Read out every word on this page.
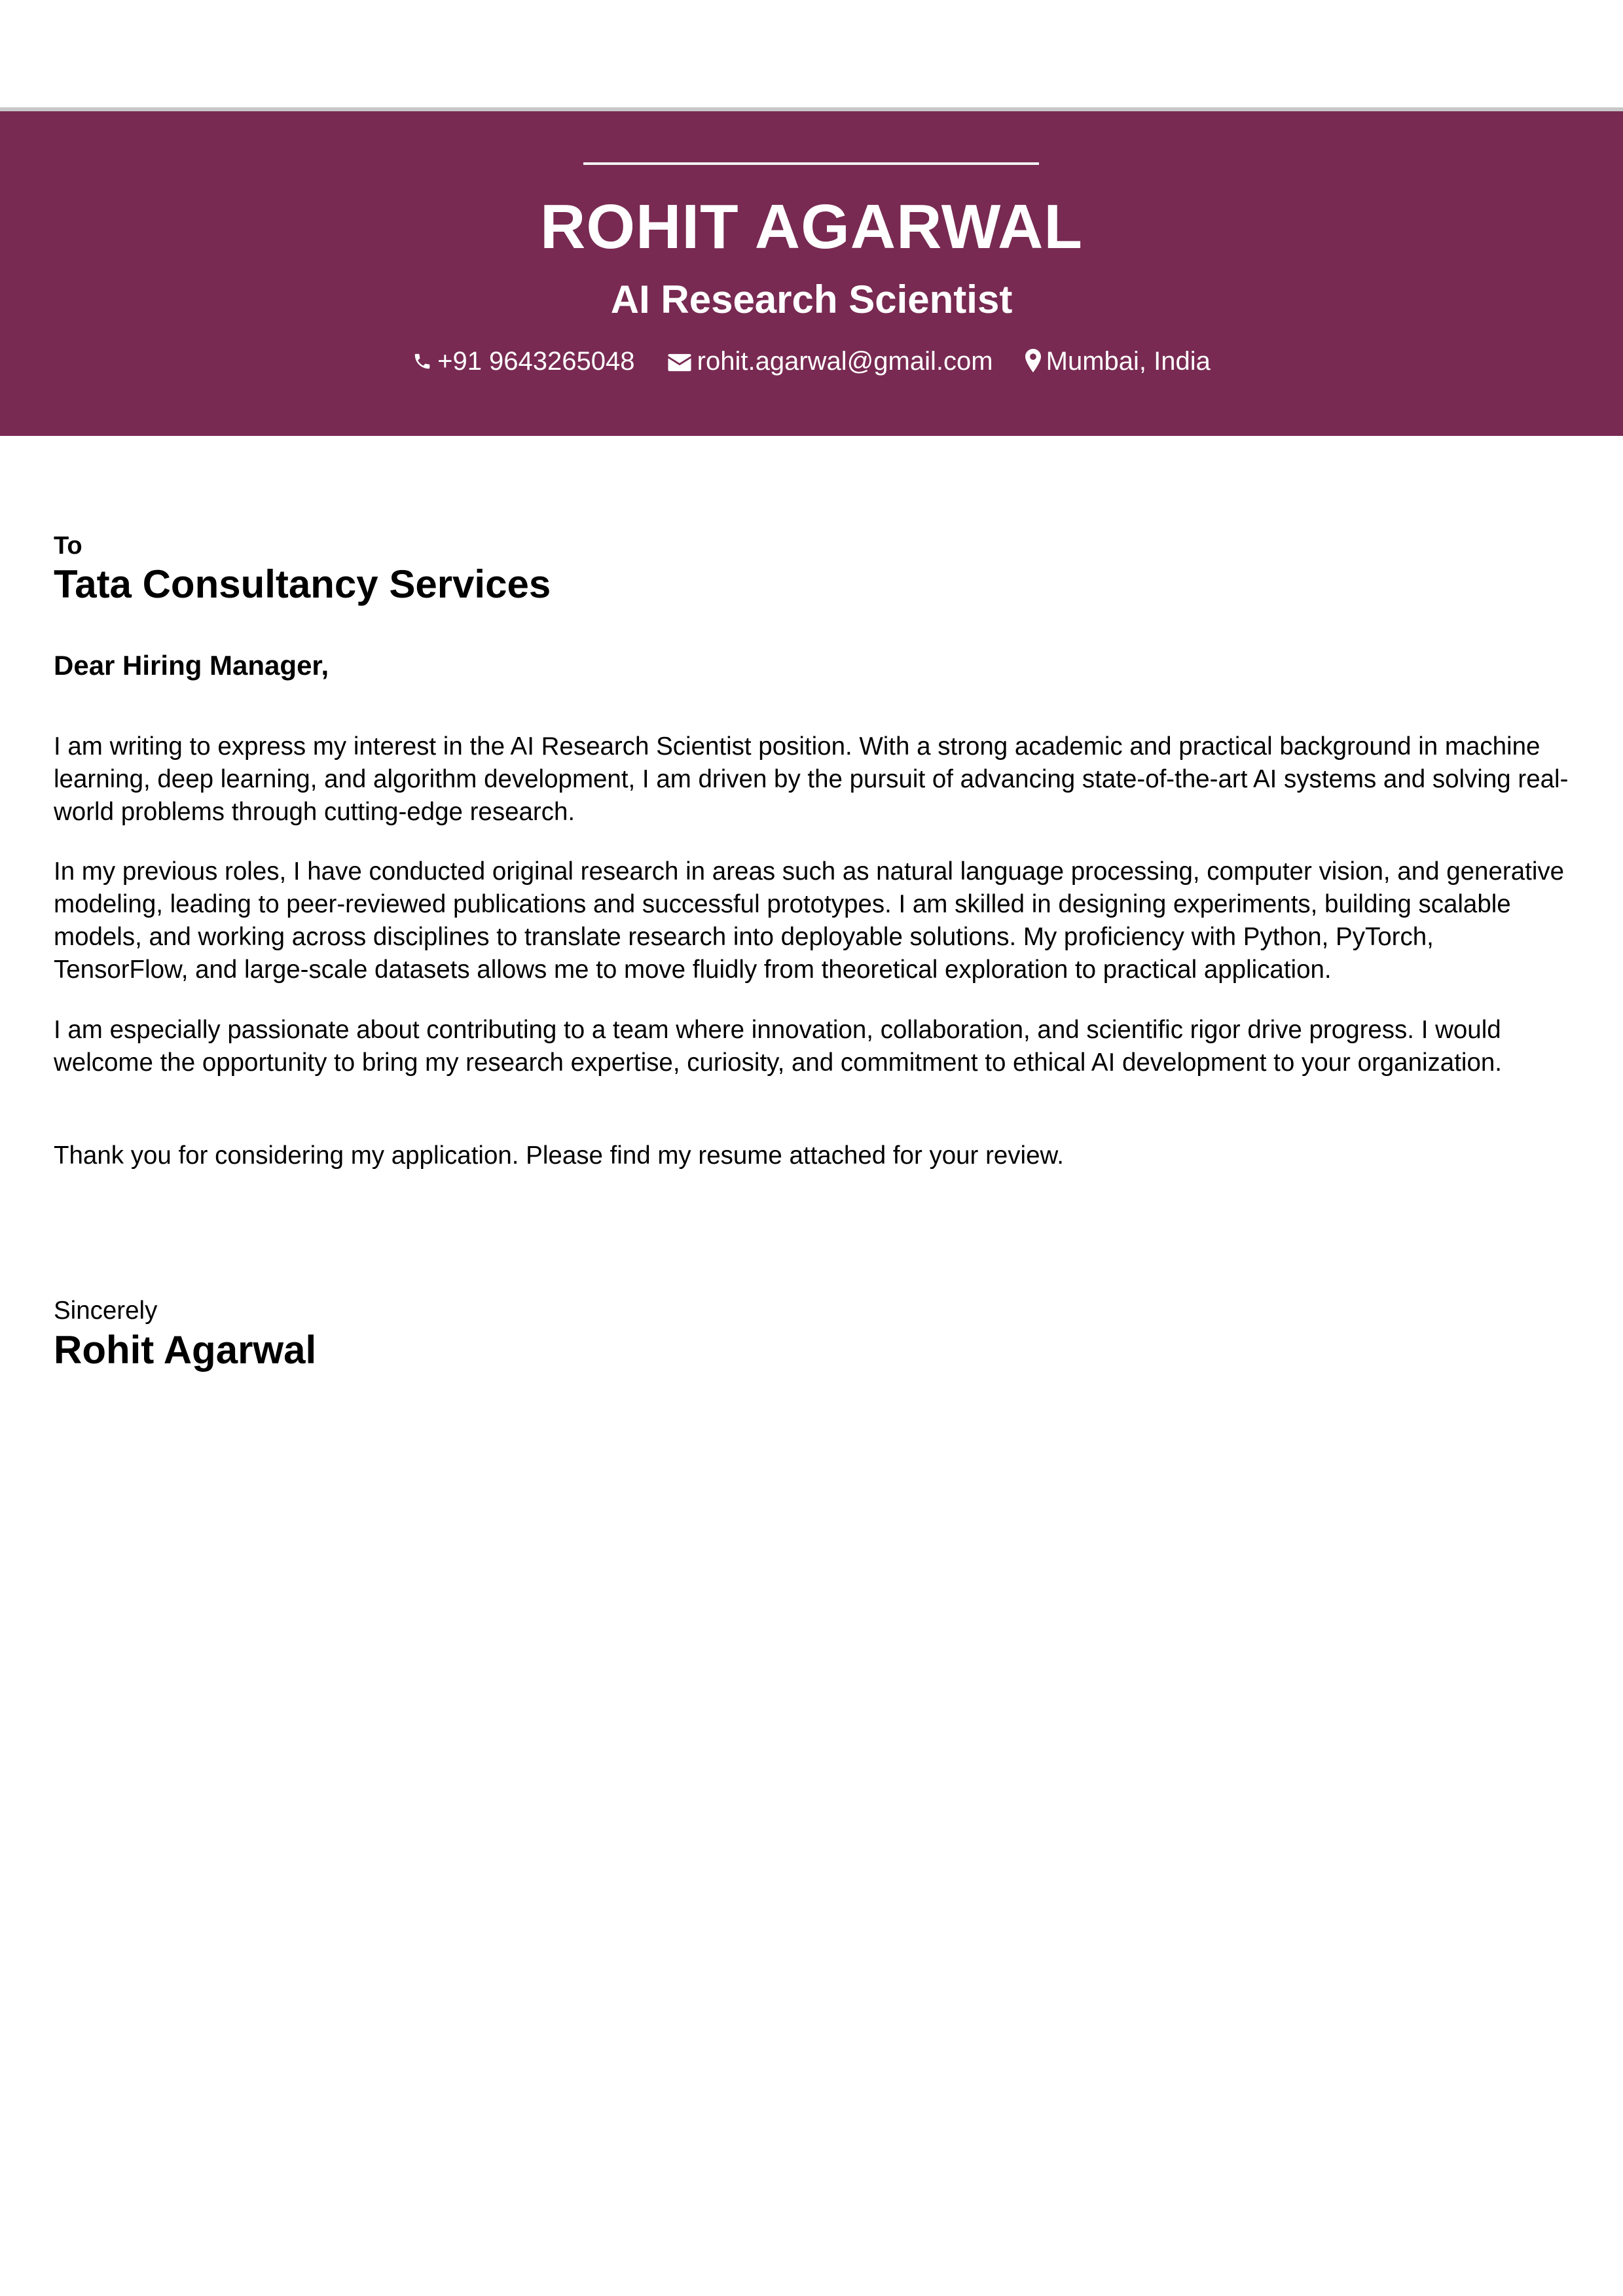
ROHIT AGARWAL
AI Research Scientist
+91 9643265048 rohit.agarwal@gmail.com Mumbai, India
To
Tata Consultancy Services
Dear Hiring Manager,

I am writing to express my interest in the AI Research Scientist position. With a strong academic and practical background in machine learning, deep learning, and algorithm development, I am driven by the pursuit of advancing state-of-the-art AI systems and solving real-world problems through cutting-edge research.

In my previous roles, I have conducted original research in areas such as natural language processing, computer vision, and generative modeling, leading to peer-reviewed publications and successful prototypes. I am skilled in designing experiments, building scalable models, and working across disciplines to translate research into deployable solutions. My proficiency with Python, PyTorch, TensorFlow, and large-scale datasets allows me to move fluidly from theoretical exploration to practical application.

I am especially passionate about contributing to a team where innovation, collaboration, and scientific rigor drive progress. I would welcome the opportunity to bring my research expertise, curiosity, and commitment to ethical AI development to your organization.

Thank you for considering my application. Please find my resume attached for your review.

Sincerely
Rohit Agarwal
